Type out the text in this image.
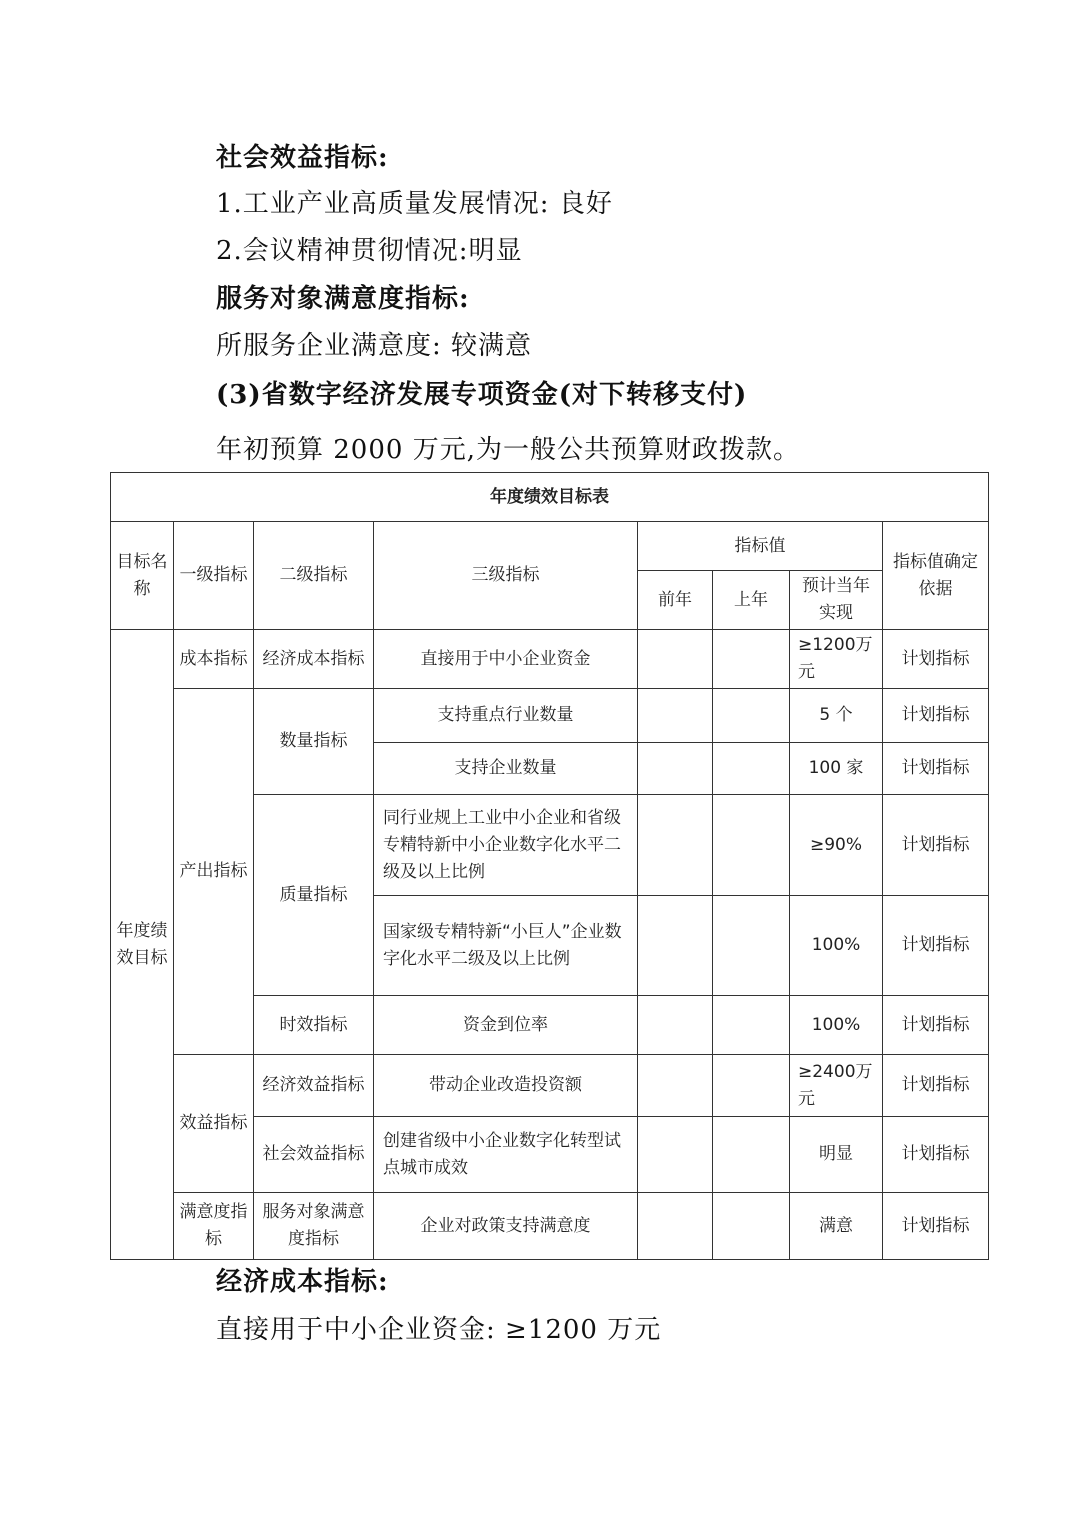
社会效益指标:
1.工业产业高质量发展情况: 良好
2.会议精神贯彻情况:明显
服务对象满意度指标:
所服务企业满意度: 较满意
(3)省数字经济发展专项资金(对下转移支付)
年初预算 2000 万元,为一般公共预算财政拨款。
年度绩效目标表							
目标名称	一级指标	二级指标	三级指标	指标值			指标值确定依据
				前年	上年	预计当年实现	
年度绩效目标	成本指标	经济成本指标	直接用于中小企业资金			≥1200万元	计划指标
	产出指标	数量指标	支持重点行业数量			5 个	计划指标
			支持企业数量			100 家	计划指标
		质量指标	同行业规上工业中小企业和省级专精特新中小企业数字化水平二级及以上比例			≥90%	计划指标
			国家级专精特新“小巨人”企业数字化水平二级及以上比例			100%	计划指标
		时效指标	资金到位率			100%	计划指标
	效益指标	经济效益指标	带动企业改造投资额			≥2400万元	计划指标
		社会效益指标	创建省级中小企业数字化转型试点城市成效			明显	计划指标
	满意度指标	服务对象满意度指标	企业对政策支持满意度			满意	计划指标
经济成本指标:
直接用于中小企业资金: ≥1200 万元
